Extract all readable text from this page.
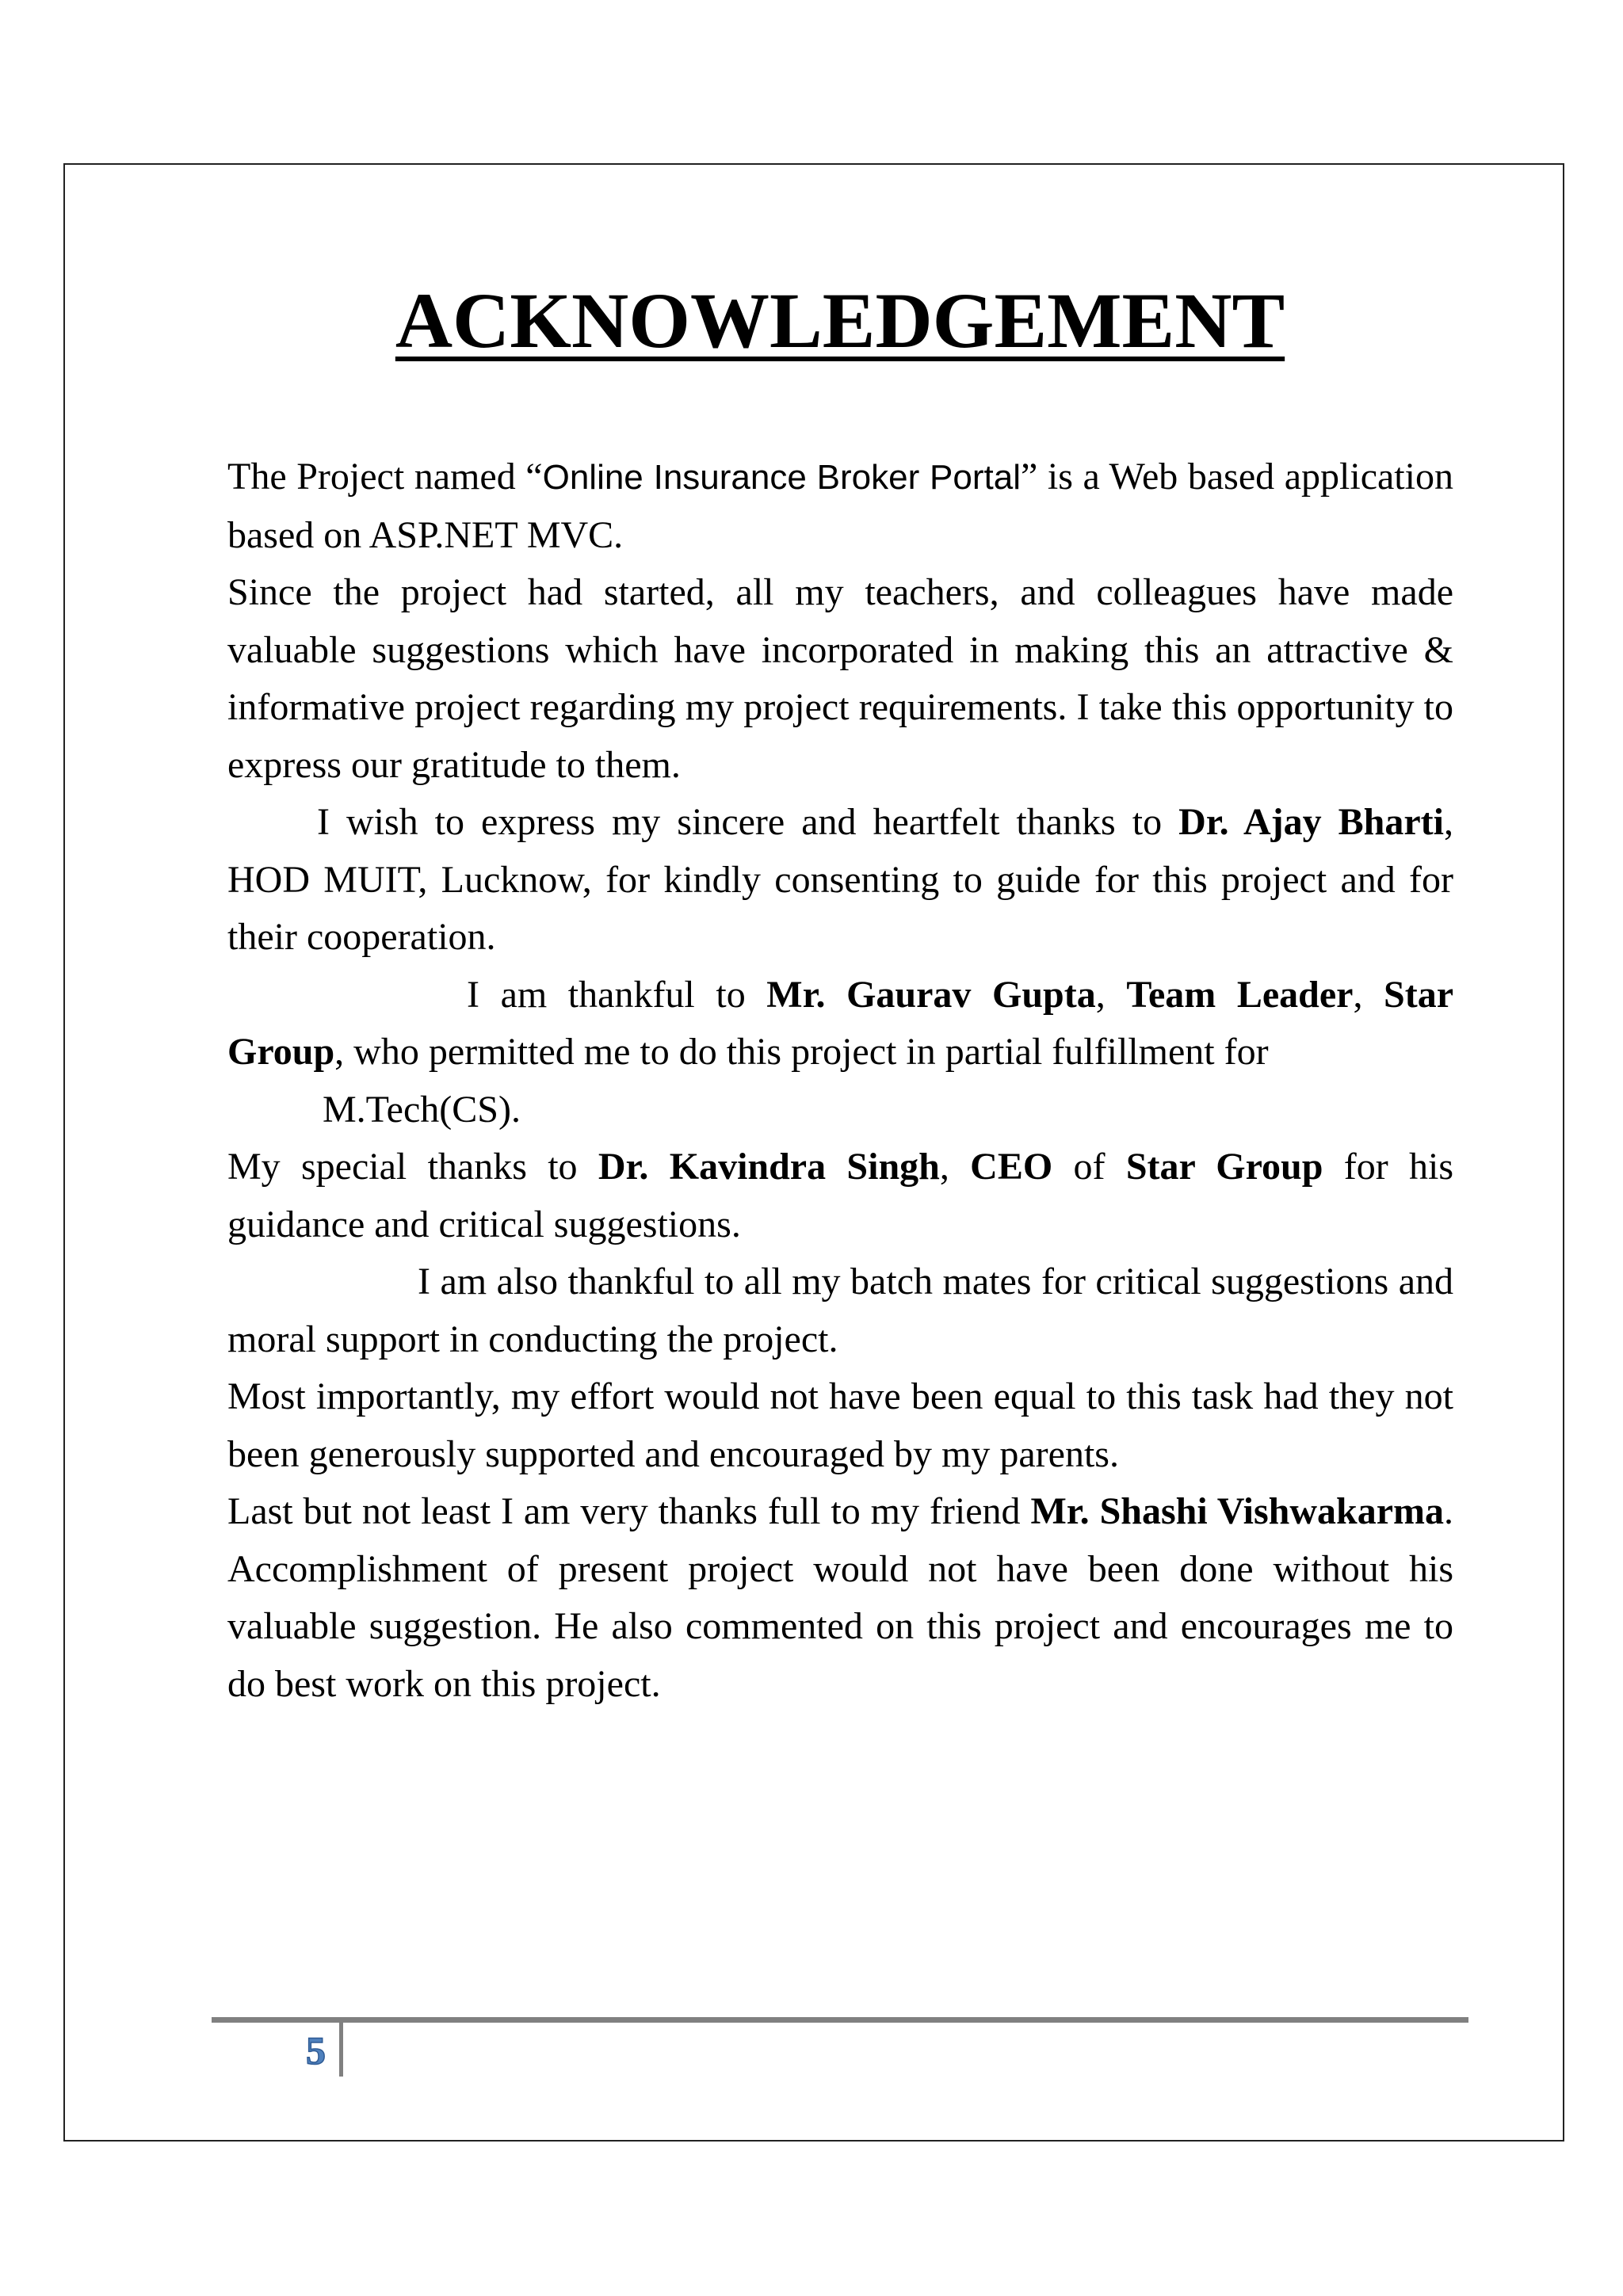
ACKNOWLEDGEMENT

The Project named “Online Insurance Broker Portal” is a Web based application based on ASP.NET MVC.

Since the project had started, all my teachers, and colleagues have made valuable suggestions which have incorporated in making this an attractive & informative project regarding my project requirements. I take this opportunity to express our gratitude to them.

I wish to express my sincere and heartfelt thanks to Dr. Ajay Bharti, HOD MUIT, Lucknow, for kindly consenting to guide for this project and for their cooperation.

I am thankful to Mr. Gaurav Gupta, Team Leader, Star Group, who permitted me to do this project in partial fulfillment for

M.Tech(CS).

My special thanks to Dr. Kavindra Singh, CEO of Star Group for his guidance and critical suggestions.

I am also thankful to all my batch mates for critical suggestions and moral support in conducting the project.

Most importantly, my effort would not have been equal to this task had they not been generously supported and encouraged by my parents.

Last but not least I am very thanks full to my friend Mr. Shashi Vishwakarma. Accomplishment of present project would not have been done without his valuable suggestion. He also commented on this project and encourages me to do best work on this project.

5
